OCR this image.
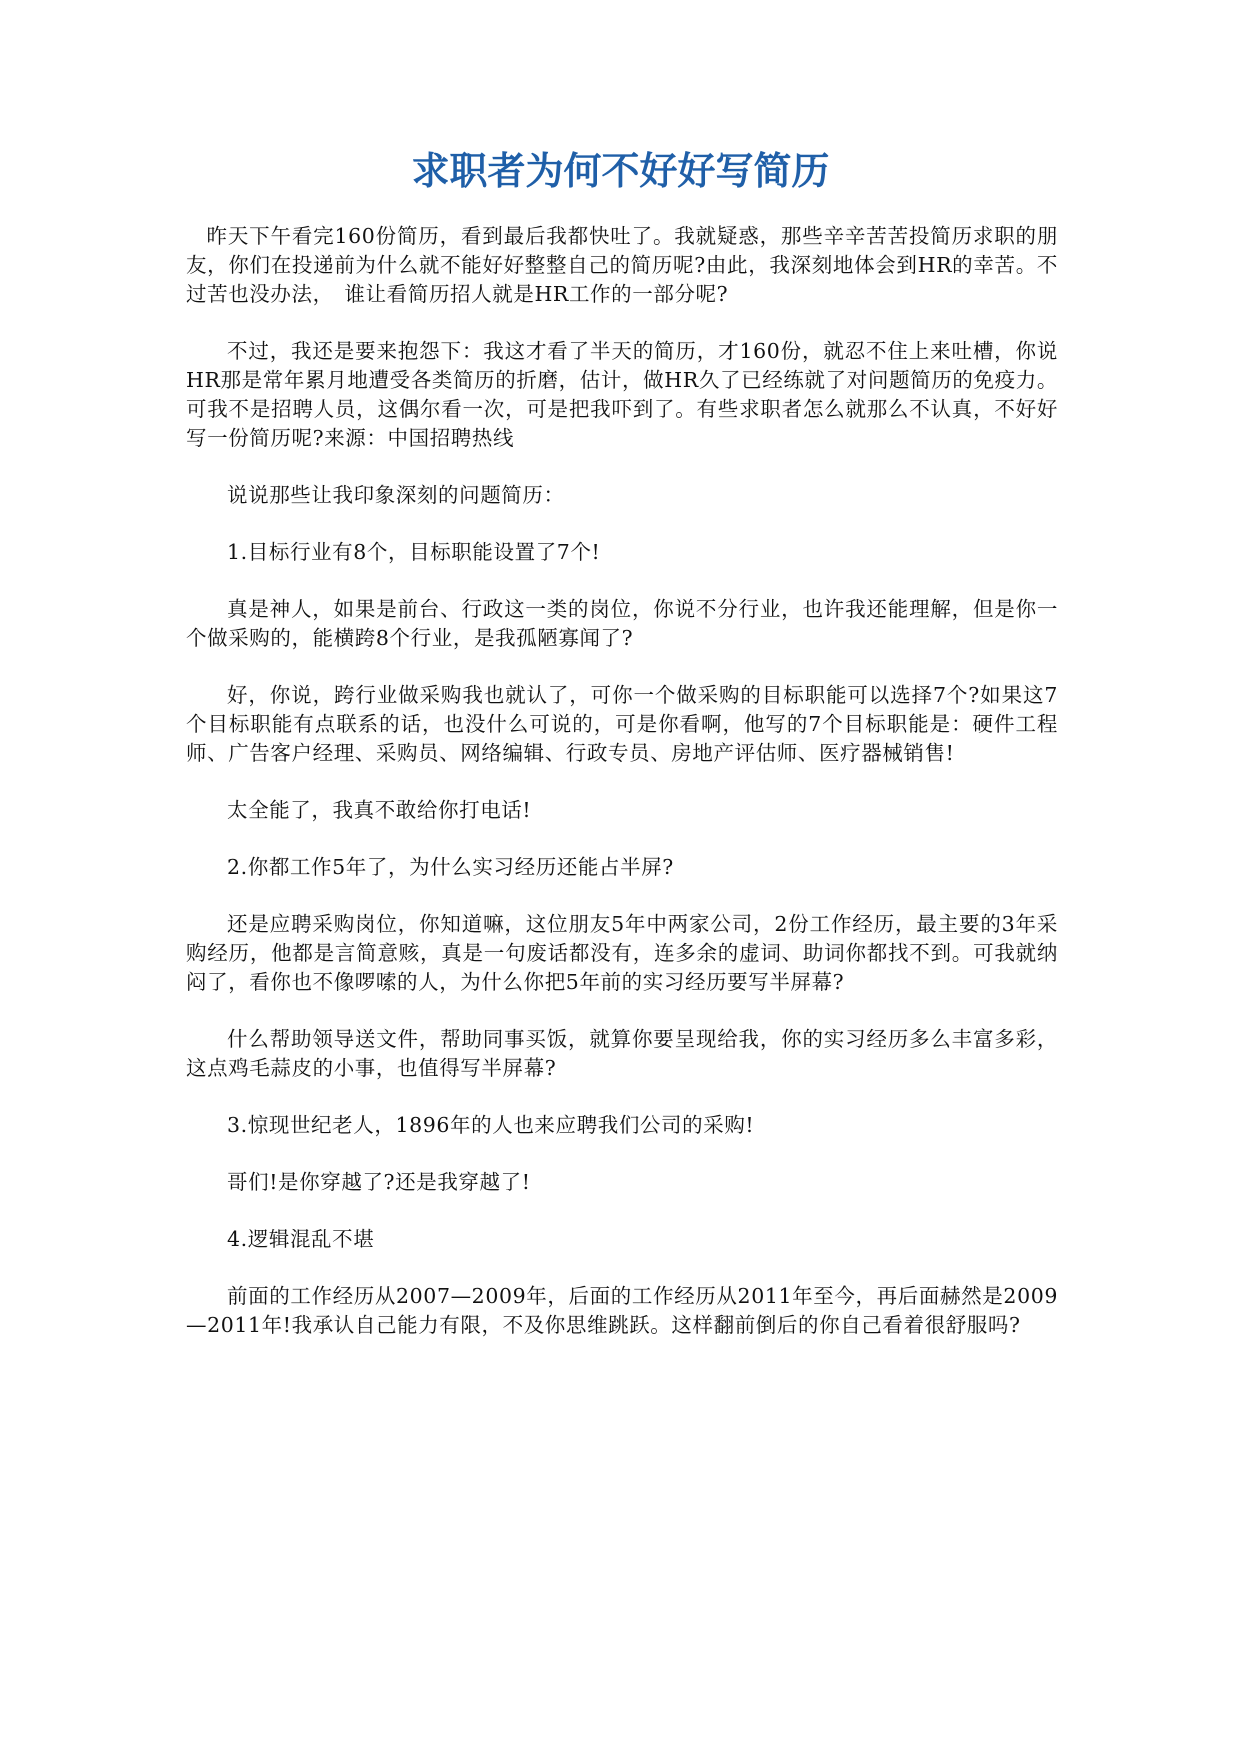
求职者为何不好好写简历

昨天下午看完160份简历，看到最后我都快吐了。我就疑惑，那些辛辛苦苦投简历求职的朋友，你们在投递前为什么就不能好好整整自己的简历呢?由此，我深刻地体会到HR的幸苦。不过苦也没办法，　谁让看简历招人就是HR工作的一部分呢?

不过，我还是要来抱怨下：我这才看了半天的简历，才160份，就忍不住上来吐槽，你说HR那是常年累月地遭受各类简历的折磨，估计，做HR久了已经练就了对问题简历的免疫力。可我不是招聘人员，这偶尔看一次，可是把我吓到了。有些求职者怎么就那么不认真，不好好写一份简历呢?来源：中国招聘热线

说说那些让我印象深刻的问题简历：

1.目标行业有8个，目标职能设置了7个!

真是神人，如果是前台、行政这一类的岗位，你说不分行业，也许我还能理解，但是你一个做采购的，能横跨8个行业，是我孤陋寡闻了?

好，你说，跨行业做采购我也就认了，可你一个做采购的目标职能可以选择7个?如果这7个目标职能有点联系的话，也没什么可说的，可是你看啊，他写的7个目标职能是：硬件工程师、广告客户经理、采购员、网络编辑、行政专员、房地产评估师、医疗器械销售!

太全能了，我真不敢给你打电话!

2.你都工作5年了，为什么实习经历还能占半屏?

还是应聘采购岗位，你知道嘛，这位朋友5年中两家公司，2份工作经历，最主要的3年采购经历，他都是言简意赅，真是一句废话都没有，连多余的虚词、助词你都找不到。可我就纳闷了，看你也不像啰嗦的人，为什么你把5年前的实习经历要写半屏幕?

什么帮助领导送文件，帮助同事买饭，就算你要呈现给我，你的实习经历多么丰富多彩，这点鸡毛蒜皮的小事，也值得写半屏幕?

3.惊现世纪老人，1896年的人也来应聘我们公司的采购!

哥们!是你穿越了?还是我穿越了!

4.逻辑混乱不堪

前面的工作经历从2007—2009年，后面的工作经历从2011年至今，再后面赫然是2009—2011年!我承认自己能力有限，不及你思维跳跃。这样翻前倒后的你自己看着很舒服吗?
